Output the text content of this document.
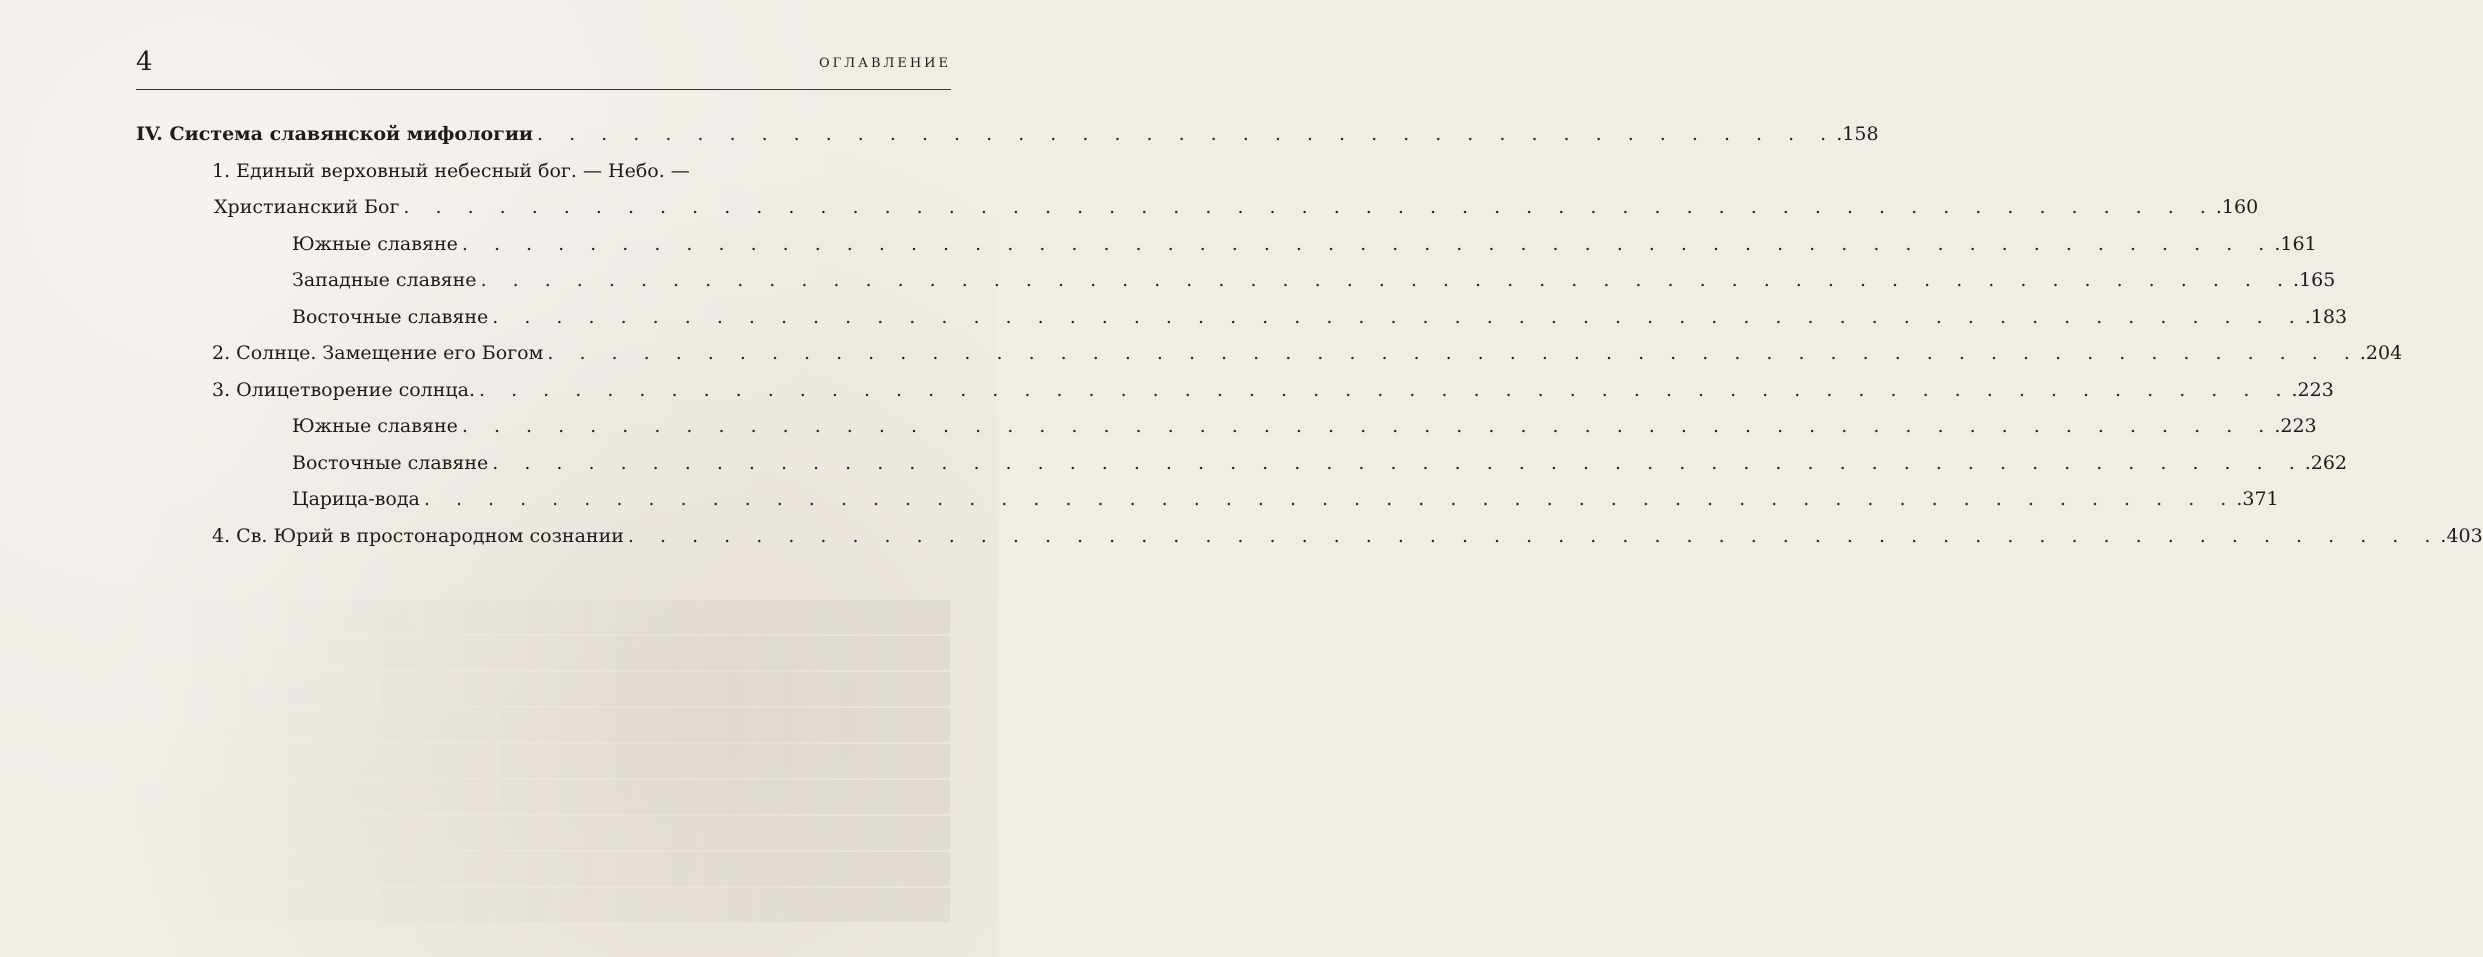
4	ОГЛАВЛЕНИЕ
IV. Система славянской мифологии . . . . . . . . . . . . . . . . . . . . . . . . . . . . . . . . . . . . . . . . . .158
1. Единый верховный небесный бог. — Небо. —
Христианский Бог . . . . . . . . . . . . . . . . . . . . . . . . . . . . . . . . . . . . . . . . . . . . . . . . . . . . . . . . . .160
Южные славяне . . . . . . . . . . . . . . . . . . . . . . . . . . . . . . . . . . . . . . . . . . . . . . . . . . . . . . . . . .161
Западные славяне . . . . . . . . . . . . . . . . . . . . . . . . . . . . . . . . . . . . . . . . . . . . . . . . . . . . . . . . . .165
Восточные славяне . . . . . . . . . . . . . . . . . . . . . . . . . . . . . . . . . . . . . . . . . . . . . . . . . . . . . . . . . .183
2. Солнце. Замещение его Богом . . . . . . . . . . . . . . . . . . . . . . . . . . . . . . . . . . . . . . . . . . . . . . . . . . . . . . . . . .204
3. Олицетворение солнца. . . . . . . . . . . . . . . . . . . . . . . . . . . . . . . . . . . . . . . . . . . . . . . . . . . . . . . . . . .223
Южные славяне . . . . . . . . . . . . . . . . . . . . . . . . . . . . . . . . . . . . . . . . . . . . . . . . . . . . . . . . . .223
Восточные славяне . . . . . . . . . . . . . . . . . . . . . . . . . . . . . . . . . . . . . . . . . . . . . . . . . . . . . . . . . .262
Царица-вода . . . . . . . . . . . . . . . . . . . . . . . . . . . . . . . . . . . . . . . . . . . . . . . . . . . . . . . . . .371
4. Св. Юрий в простонародном сознании . . . . . . . . . . . . . . . . . . . . . . . . . . . . . . . . . . . . . . . . . . . . . . . . . . . . . . . . . .403
